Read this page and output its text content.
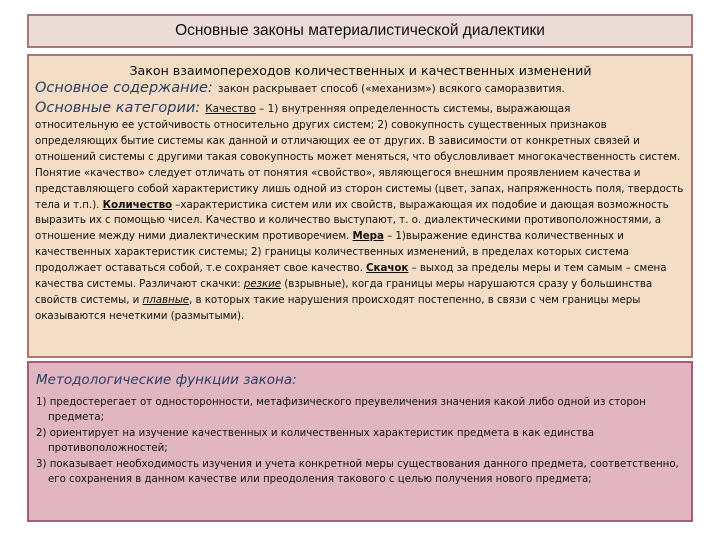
Основные законы материалистической диалектики
Закон взаимопереходов количественных и качественных изменений
Основное содержание: закон раскрывает способ («механизм») всякого саморазвития.
Основные категории: Качество – 1) внутренняя определенность системы, выражающая
относительную ее устойчивость относительно других систем; 2) совокупность существенных признаков определяющих бытие системы как данной и отличающих ее от других. В зависимости от конкретных связей и отношений системы с другими такая совокупность может меняться, что обусловливает многокачественность систем. Понятие «качество» следует отличать от понятия «свойство», являющегося внешним проявлением качества и представляющего собой характеристику лишь одной из сторон системы (цвет, запах, напряженность поля, твердость тела и т.п.). Количество –характеристика систем или их свойств, выражающая их подобие и дающая возможность выразить их с помощью чисел. Качество и количество выступают, т. о. диалектическими противоположностями, а отношение между ними диалектическим противоречием. Мера – 1)выражение единства количественных и качественных характеристик системы; 2) границы количественных изменений, в пределах которых система продолжает оставаться собой, т.е сохраняет свое качество. Скачок – выход за пределы меры и тем самым – смена качества системы. Различают скачки: резкие (взрывные), когда границы меры нарушаются сразу у большинства свойств системы, и плавные, в которых такие нарушения происходят постепенно, в связи с чем границы меры оказываются нечеткими (размытыми).
Методологические функции закона:
1) предостерегает от односторонности, метафизического преувеличения значения какой либо одной из сторон предмета;
2) ориентирует на изучение качественных и количественных характеристик предмета в как единства противоположностей;
3) показывает необходимость изучения и учета конкретной меры существования данного предмета, соответственно, его сохранения в данном качестве или преодоления такового с целью получения нового предмета;
